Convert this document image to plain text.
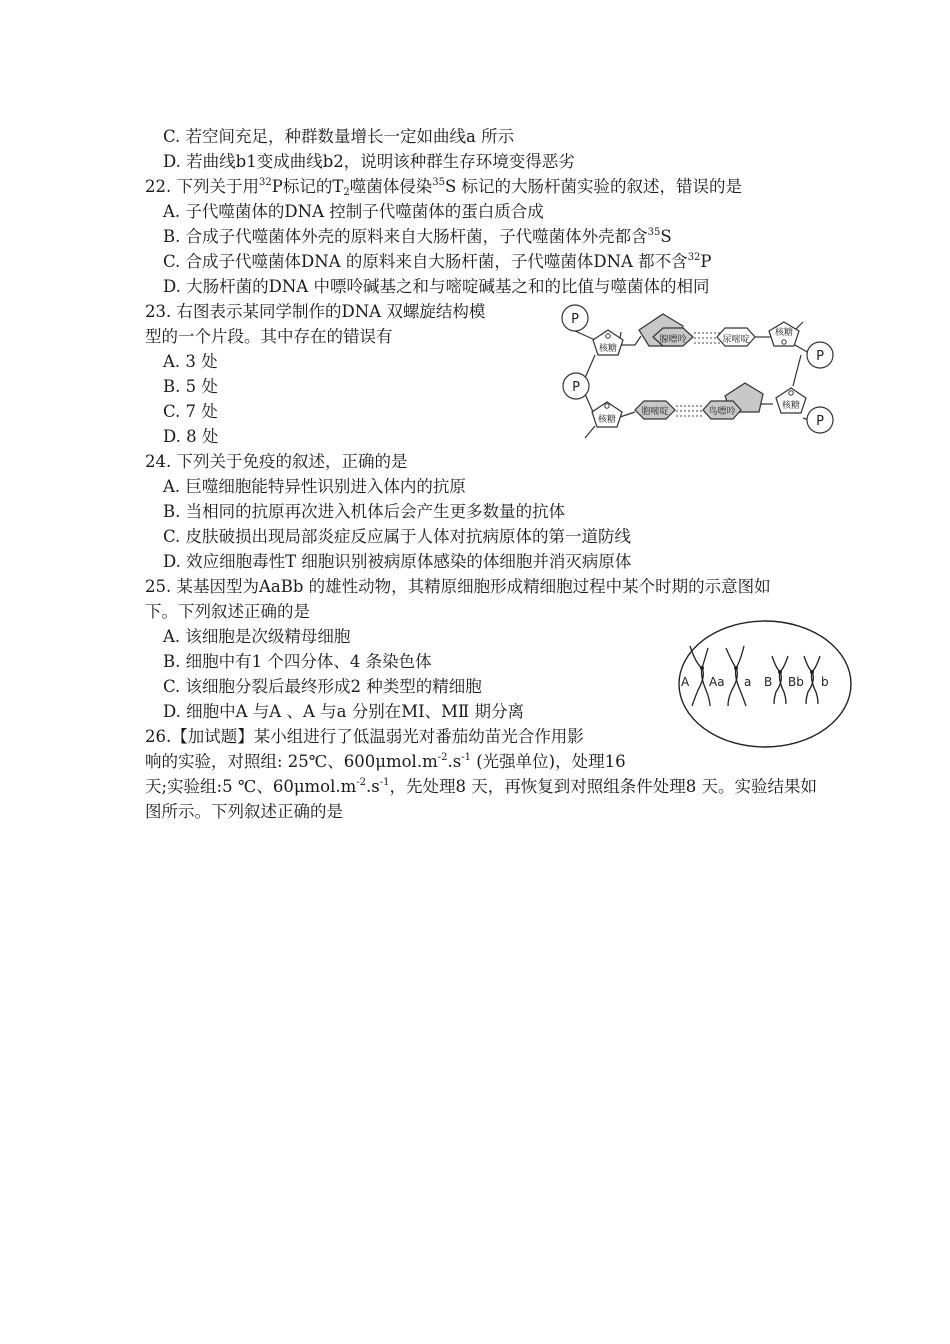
C. 若空间充足，种群数量增长一定如曲线a 所示
D. 若曲线b1变成曲线b2，说明该种群生存环境变得恶劣
22. 下列关于用$^{32}$P标记的$T_2$噬菌体侵染$^{35}$S 标记的大肠杆菌实验的叙述，错误的是
A. 子代噬菌体的DNA 控制子代噬菌体的蛋白质合成
B. 合成子代噬菌体外壳的原料来自大肠杆菌，子代噬菌体外壳都含$^{35}$S
C. 合成子代噬菌体DNA 的原料来自大肠杆菌，子代噬菌体DNA 都不含$^{32}$P
D. 大肠杆菌的DNA 中嘌呤碱基之和与嘧啶碱基之和的比值与噬菌体的相同
23. 右图表示某同学制作的DNA 双螺旋结构模
型的一个片段。其中存在的错误有
A. 3 处
B. 5 处
C. 7 处
D. 8 处
P
核糖
腺嘌呤	尿嘧啶
核糖
P
P
核糖
胞嘧啶	鸟嘌呤
核糖
P
24. 下列关于免疫的叙述，正确的是
A. 巨噬细胞能特异性识别进入体内的抗原
B. 当相同的抗原再次进入机体后会产生更多数量的抗体
C. 皮肤破损出现局部炎症反应属于人体对抗病原体的第一道防线
D. 效应细胞毒性T 细胞识别被病原体感染的体细胞并消灭病原体
25. 某基因型为AaBb 的雄性动物，其精原细胞形成精细胞过程中某个时期的示意图如
下。下列叙述正确的是
A. 该细胞是次级精母细胞
B. 细胞中有1 个四分体、4 条染色体
C. 该细胞分裂后最终形成2 种类型的精细胞
D. 细胞中A 与A 、A 与a 分别在MⅠ、MⅡ 期分离
A Aa a B Bb b
26.【加试题】某小组进行了低温弱光对番茄幼苗光合作用影
响的实验，对照组: 25℃、$600\mu mol.m^{-2}.s^{-1}$ (光强单位)，处理16
天;实验组:5 ℃、$60\mu mol.m^{-2}.s^{-1}$，先处理8 天，再恢复到对照组条件处理8 天。实验结果如
图所示。下列叙述正确的是
